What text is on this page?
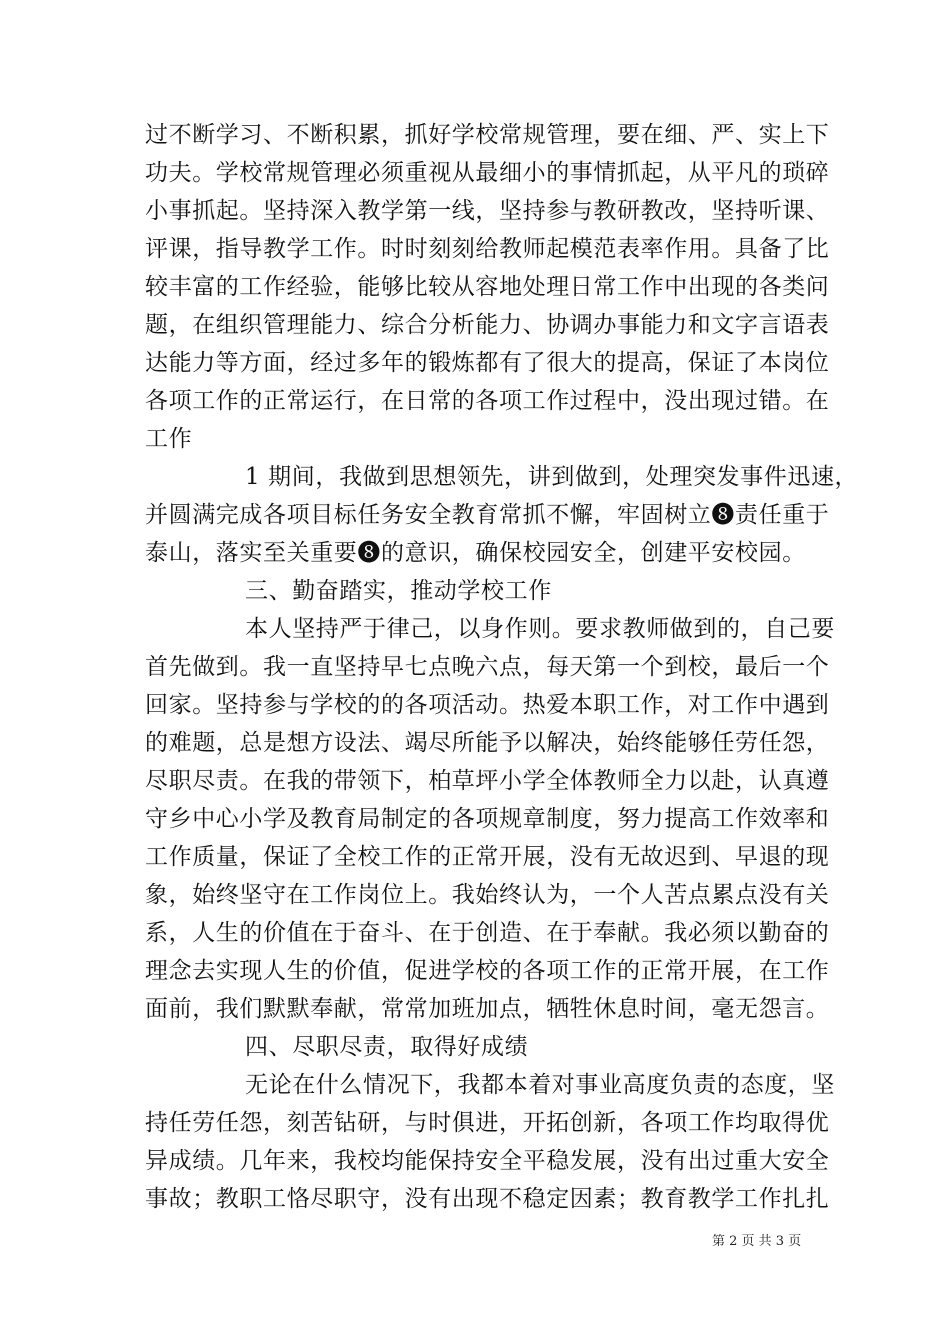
过不断学习、不断积累，抓好学校常规管理，要在细、严、实上下
功夫。学校常规管理必须重视从最细小的事情抓起，从平凡的琐碎
小事抓起。坚持深入教学第一线，坚持参与教研教改，坚持听课、
评课，指导教学工作。时时刻刻给教师起模范表率作用。具备了比
较丰富的工作经验，能够比较从容地处理日常工作中出现的各类问
题，在组织管理能力、综合分析能力、协调办事能力和文字言语表
达能力等方面，经过多年的锻炼都有了很大的提高，保证了本岗位
各项工作的正常运行，在日常的各项工作过程中，没出现过错。在
工作
1 期间，我做到思想领先，讲到做到，处理突发事件迅速，
并圆满完成各项目标任务安全教育常抓不懈，牢固树立❽责任重于
泰山，落实至关重要❽的意识，确保校园安全，创建平安校园。
三、勤奋踏实，推动学校工作
本人坚持严于律己，以身作则。要求教师做到的，自己要
首先做到。我一直坚持早七点晚六点，每天第一个到校，最后一个
回家。坚持参与学校的的各项活动。热爱本职工作，对工作中遇到
的难题，总是想方设法、竭尽所能予以解决，始终能够任劳任怨，
尽职尽责。在我的带领下，柏草坪小学全体教师全力以赴，认真遵
守乡中心小学及教育局制定的各项规章制度，努力提高工作效率和
工作质量，保证了全校工作的正常开展，没有无故迟到、早退的现
象，始终坚守在工作岗位上。我始终认为，一个人苦点累点没有关
系，人生的价值在于奋斗、在于创造、在于奉献。我必须以勤奋的
理念去实现人生的价值，促进学校的各项工作的正常开展，在工作
面前，我们默默奉献，常常加班加点，牺牲休息时间，毫无怨言。
四、尽职尽责，取得好成绩
无论在什么情况下，我都本着对事业高度负责的态度，坚
持任劳任怨，刻苦钻研，与时俱进，开拓创新，各项工作均取得优
异成绩。几年来，我校均能保持安全平稳发展，没有出过重大安全
事故；教职工恪尽职守，没有出现不稳定因素；教育教学工作扎扎
第 2 页 共 3 页
